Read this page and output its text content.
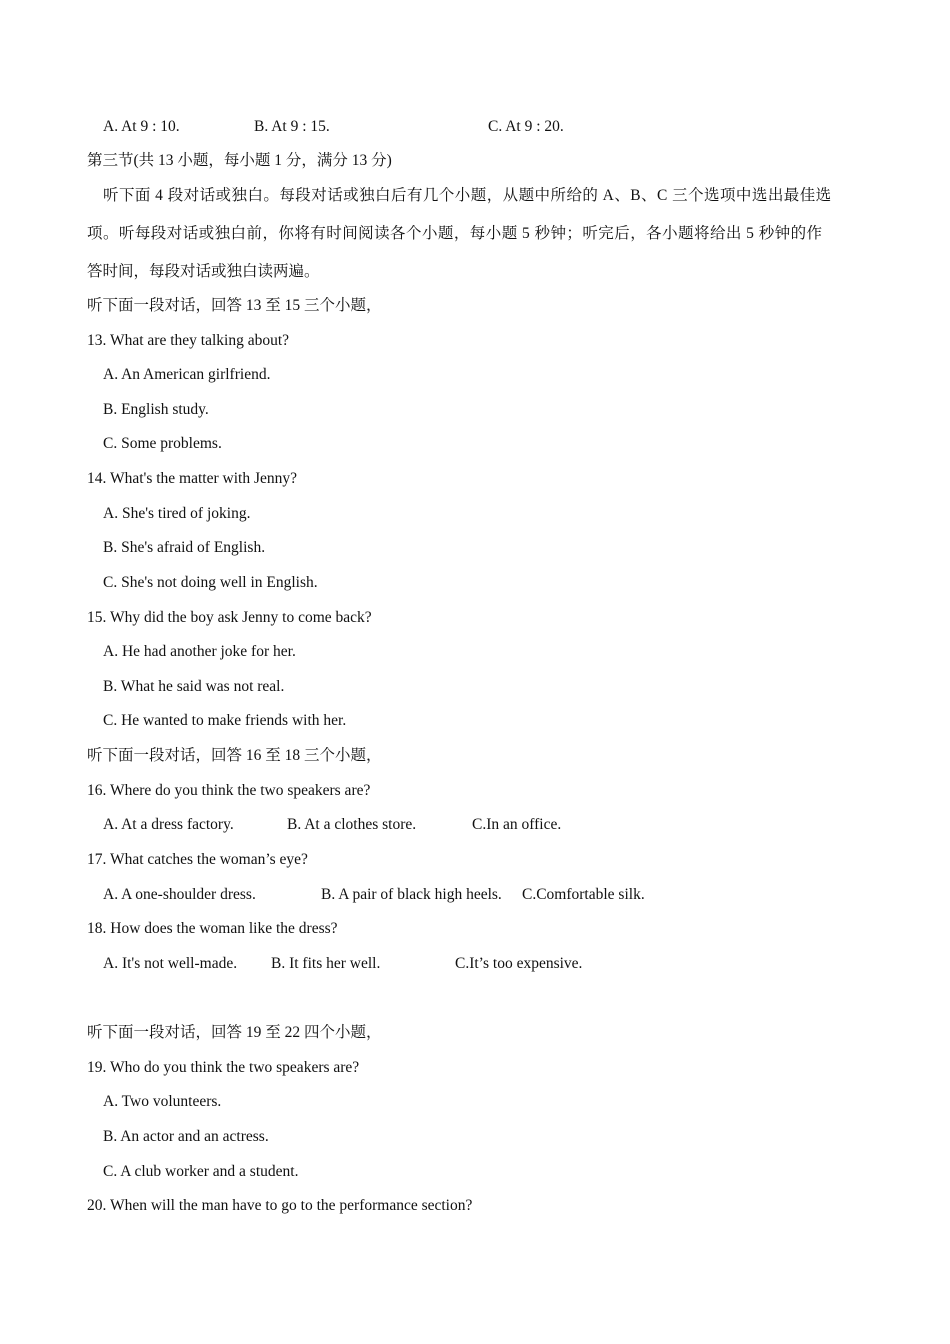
A. At 9 : 10.	B. At 9 : 15.	C. At 9 : 20.
第三节(共 13 小题，每小题 1 分，满分 13 分)
听下面 4 段对话或独白。每段对话或独白后有几个小题，从题中所给的 A、B、C 三个选项中选出最佳选
项。听每段对话或独白前，你将有时间阅读各个小题，每小题 5 秒钟；听完后，各小题将给出 5 秒钟的作
答时间，每段对话或独白读两遍。
听下面一段对话，回答 13 至 15 三个小题，
13. What are they talking about?
A. An American girlfriend.
B. English study.
C. Some problems.
14. What's the matter with Jenny?
A. She's tired of joking.
B. She's afraid of English.
C. She's not doing well in English.
15. Why did the boy ask Jenny to come back?
A. He had another joke for her.
B. What he said was not real.
C. He wanted to make friends with her.
听下面一段对话，回答 16 至 18 三个小题，
16. Where do you think the two speakers are?
A. At a dress factory.	B. At a clothes store.	C.In an office.
17. What catches the woman’s eye?
A. A one-shoulder dress.	B. A pair of black high heels. C.Comfortable silk.
18. How does the woman like the dress?
A. It's not well-made. B. It fits her well.	C.It’s too expensive.
听下面一段对话，回答 19 至 22 四个小题，
19. Who do you think the two speakers are?
A. Two volunteers.
B. An actor and an actress.
C. A club worker and a student.
20. When will the man have to go to the performance section?
